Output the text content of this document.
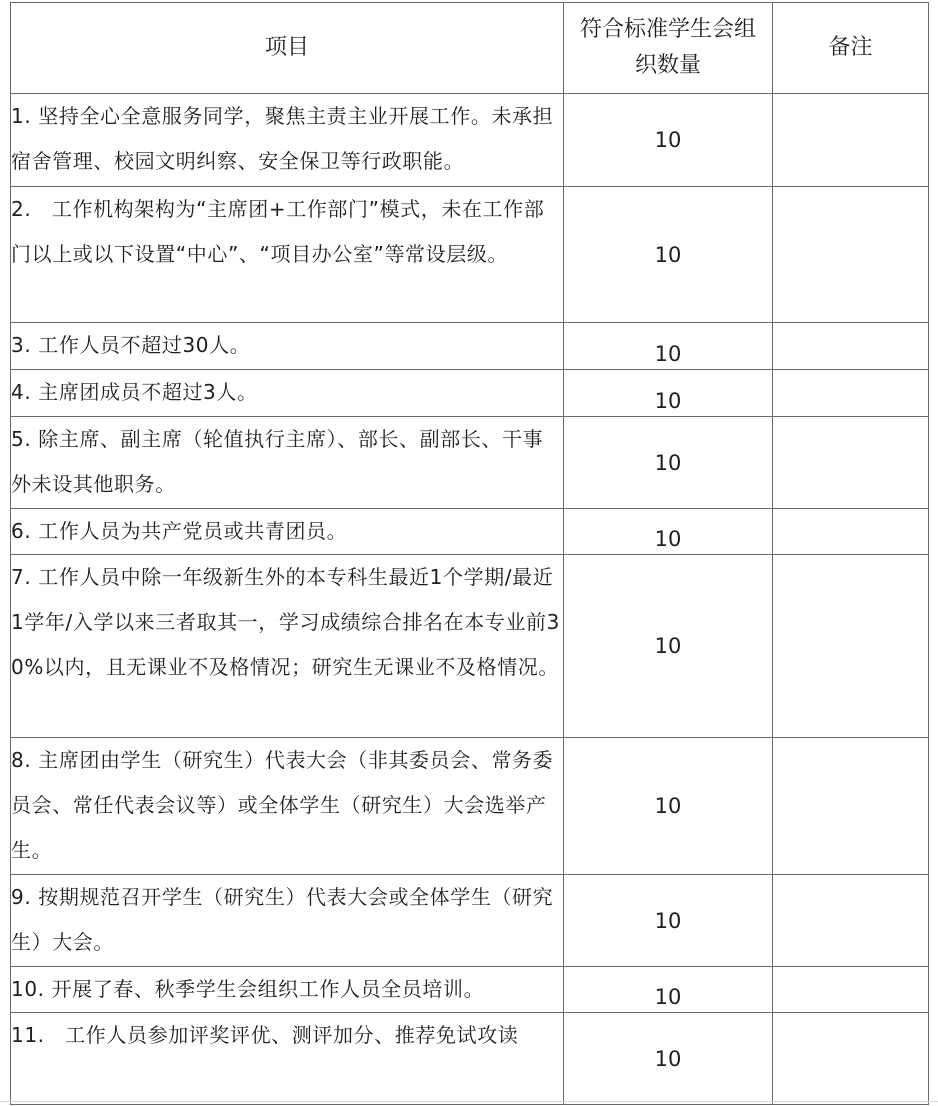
项目	符合标准学生会组织数量	备注
1. 坚持全心全意服务同学，聚焦主责主业开展工作。未承担宿舍管理、校园文明纠察、安全保卫等行政职能。	10	
2.　工作机构架构为“主席团+工作部门”模式，未在工作部门以上或以下设置“中心”、“项目办公室”等常设层级。	10	
3. 工作人员不超过30人。	10	
4. 主席团成员不超过3人。	10	
5. 除主席、副主席（轮值执行主席）、部长、副部长、干事外未设其他职务。	10	
6. 工作人员为共产党员或共青团员。	10	
7. 工作人员中除一年级新生外的本专科生最近1个学期/最近1学年/入学以来三者取其一，学习成绩综合排名在本专业前30%以内，且无课业不及格情况；研究生无课业不及格情况。	10	
8. 主席团由学生（研究生）代表大会（非其委员会、常务委员会、常任代表会议等）或全体学生（研究生）大会选举产生。	10	
9. 按期规范召开学生（研究生）代表大会或全体学生（研究生）大会。	10	
10. 开展了春、秋季学生会组织工作人员全员培训。	10	
11.　工作人员参加评奖评优、测评加分、推荐免试攻读	10	
